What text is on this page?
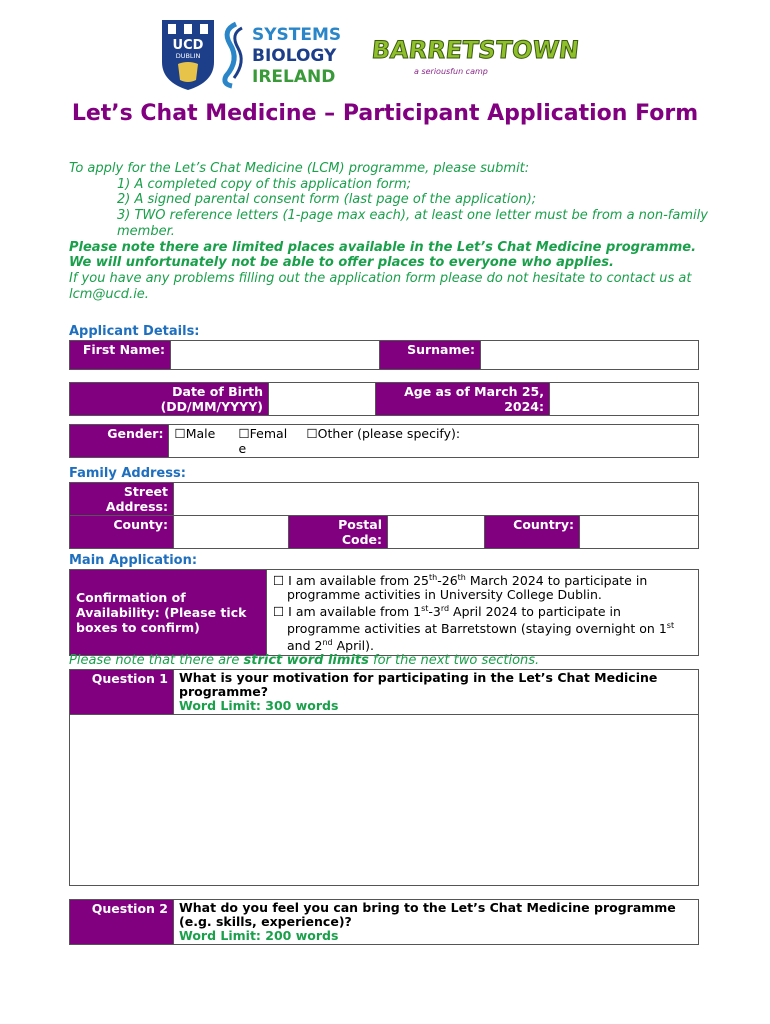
UCD
DUBLIN
SYSTEMS
BIOLOGY
IRELAND
BARRETSTOWN
a seriousfun camp
Let’s Chat Medicine – Participant Application Form

To apply for the Let’s Chat Medicine (LCM) programme, please submit:

1) A completed copy of this application form;

2) A signed parental consent form (last page of the application);

3) TWO reference letters (1-page max each), at least one letter must be from a non-family member.

Please note there are limited places available in the Let’s Chat Medicine programme. We will unfortunately not be able to offer places to everyone who applies.

If you have any problems filling out the application form please do not hesitate to contact us at lcm@ucd.ie.

Applicant Details:
First Name:		Surname:	
Date of Birth (DD/MM/YYYY)		Age as of March 25, 2024:	
Gender:	☐Male ☐Femal e ☐Other (please specify):
Family Address:
Street Address:					
County:		Postal Code:		Country:	
Main Application:
Confirmation of Availability: (Please tick boxes to confirm)	
☐ I am available from 25th-26th March 2024 to participate in programme activities in University College Dublin.
☐ I am available from 1st-3rd April 2024 to participate in programme activities at Barretstown (staying overnight on 1st and 2nd April).
Please note that there are strict word limits for the next two sections.
Question 1	What is your motivation for participating in the Let’s Chat Medicine programme?
Word Limit: 300 words

Question 2	What do you feel you can bring to the Let’s Chat Medicine programme (e.g. skills, experience)?
Word Limit: 200 words
